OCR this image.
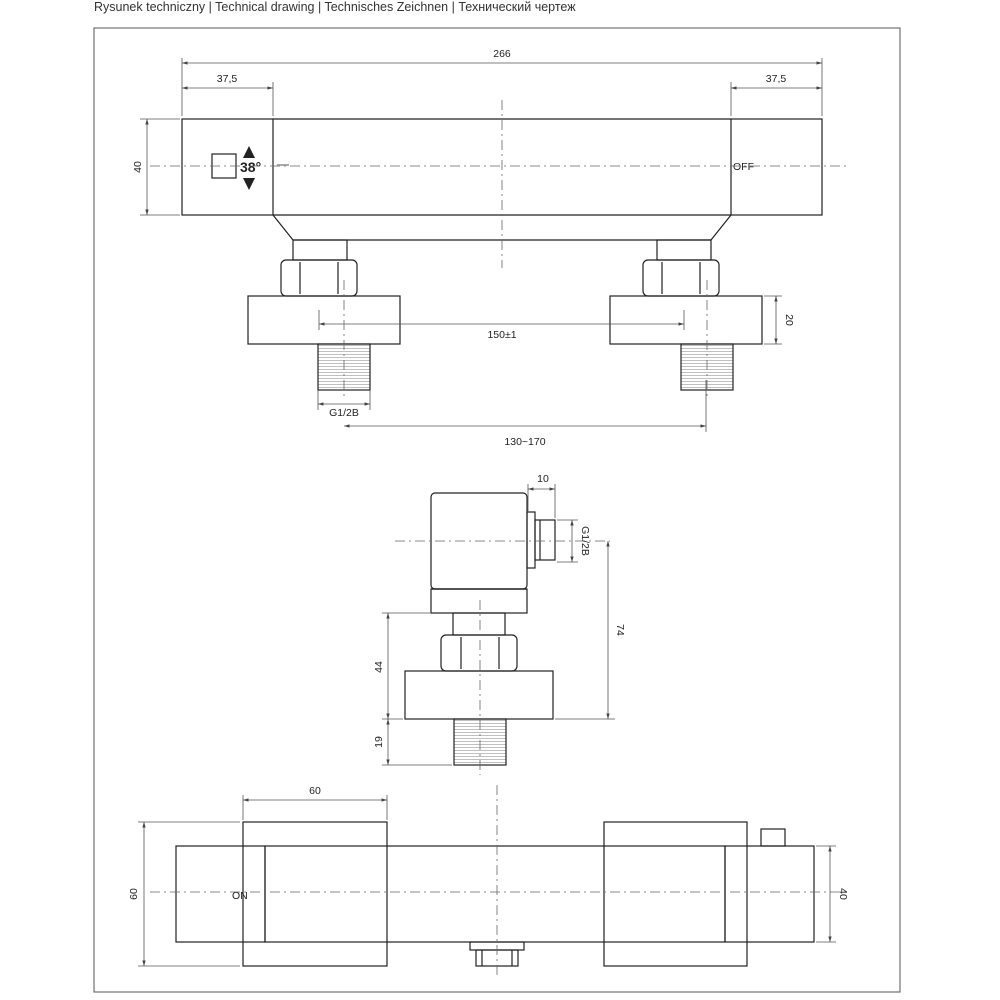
Rysunek techniczny | Technical drawing | Technisches Zeichnen | Технический чертеж
38°	OFF
266
37,5	37,5
40
20
150±1
G1/2B
130~170
10
G1/2B
74
44
19
ON
60
60	40
